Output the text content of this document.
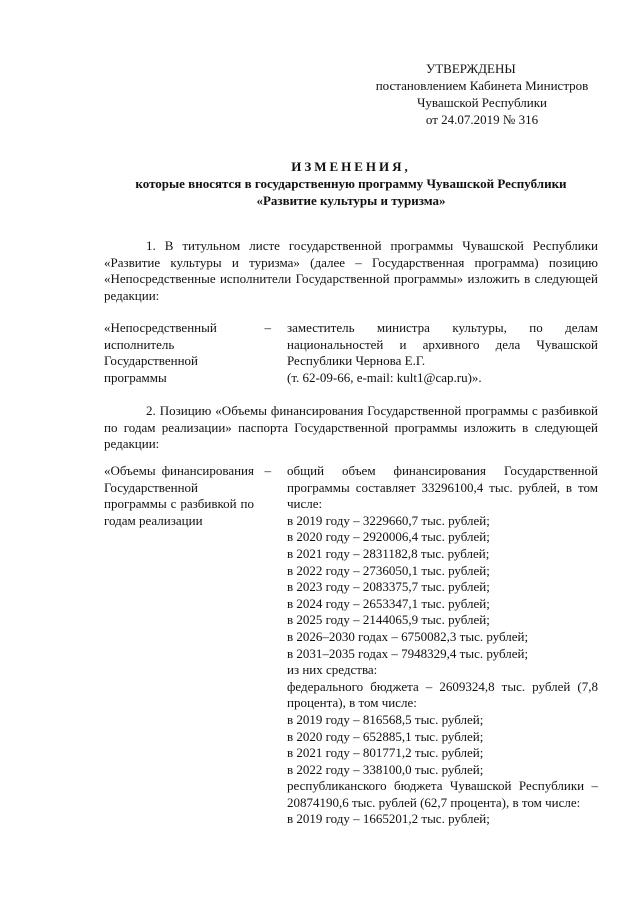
УТВЕРЖДЕНЫ
постановлением Кабинета Министров
Чувашской Республики
от 24.07.2019 № 316
ИЗМЕНЕНИЯ,
которые вносятся в государственную программу Чувашской Республики
«Развитие культуры и туризма»
1. В титульном листе государственной программы Чувашской Республики «Развитие культуры и туризма» (далее – Государственная программа) позицию «Непосредственные исполнители Государственной программы» изложить в следующей редакции:
«Непосредственный исполнитель Государственной программы
– заместитель министра культуры, по делам национальностей и архивного дела Чувашской Республики Чернова Е.Г.
(т. 62-09-66, e-mail: kult1@cap.ru)».
2. Позицию «Объемы финансирования Государственной программы с разбивкой по годам реализации» паспорта Государственной программы изложить в следующей редакции:
«Объемы финансирования Государственной программы с разбивкой по годам реализации
– общий объем финансирования Государственной программы составляет 33296100,4 тыс. рублей, в том числе:
в 2019 году – 3229660,7 тыс. рублей;
в 2020 году – 2920006,4 тыс. рублей;
в 2021 году – 2831182,8 тыс. рублей;
в 2022 году – 2736050,1 тыс. рублей;
в 2023 году – 2083375,7 тыс. рублей;
в 2024 году – 2653347,1 тыс. рублей;
в 2025 году – 2144065,9 тыс. рублей;
в 2026–2030 годах – 6750082,3 тыс. рублей;
в 2031–2035 годах – 7948329,4 тыс. рублей;
из них средства:
федерального бюджета – 2609324,8 тыс. рублей (7,8 процента), в том числе:
в 2019 году – 816568,5 тыс. рублей;
в 2020 году – 652885,1 тыс. рублей;
в 2021 году – 801771,2 тыс. рублей;
в 2022 году – 338100,0 тыс. рублей;
республиканского бюджета Чувашской Республики – 20874190,6 тыс. рублей (62,7 процента), в том числе:
в 2019 году – 1665201,2 тыс. рублей;
